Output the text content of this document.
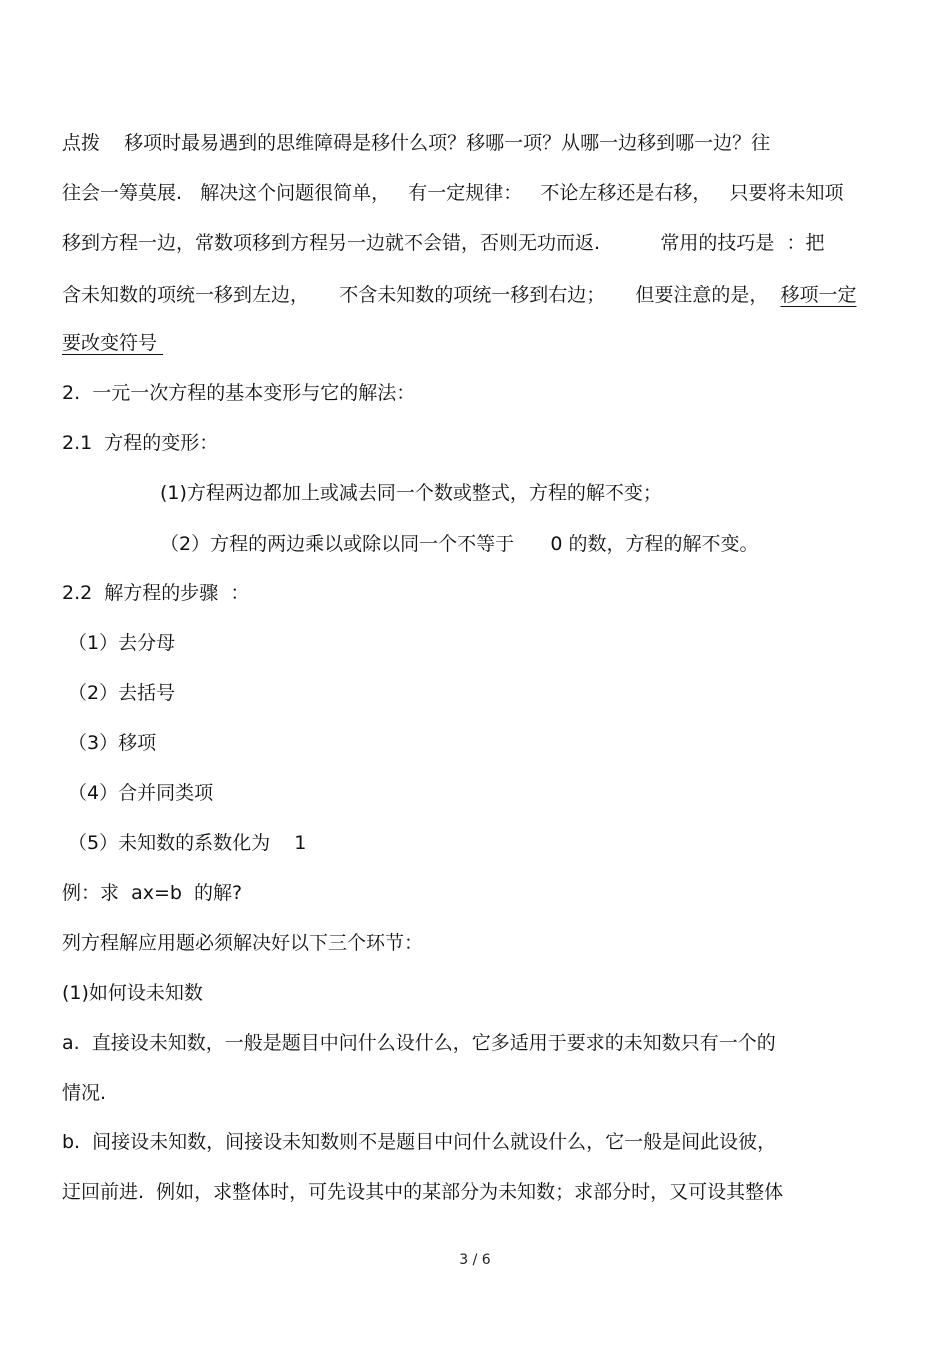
点拨    移项时最易遇到的思维障碍是移什么项？移哪一项？从哪一边移到哪一边？往
往会一筹莫展.   解决这个问题很简单，   有一定规律：   不论左移还是右移，   只要将未知项
移到方程一边，常数项移到方程另一边就不会错，否则无功而返.          常用的技巧是  ：把
含未知数的项统一移到左边，     不含未知数的项统一移到右边；     但要注意的是，  移项一定
要改变符号
2.  一元一次方程的基本变形与它的解法：
2.1  方程的变形：
(1)方程两边都加上或减去同一个数或整式，方程的解不变；
（2）方程的两边乘以或除以同一个不等于      0 的数，方程的解不变。
2.2  解方程的步骤  ：
（1）去分母
（2）去括号
（3）移项
（4）合并同类项
（5）未知数的系数化为    1
例：求  ax=b  的解?
列方程解应用题必须解决好以下三个环节：
(1)如何设未知数
a.  直接设未知数，一般是题目中问什么设什么，它多适用于要求的未知数只有一个的
情况.
b.  间接设未知数，间接设未知数则不是题目中问什么就设什么，它一般是间此设彼，
迂回前进.  例如，求整体时，可先设其中的某部分为未知数；求部分时，又可设其整体
3 / 6
